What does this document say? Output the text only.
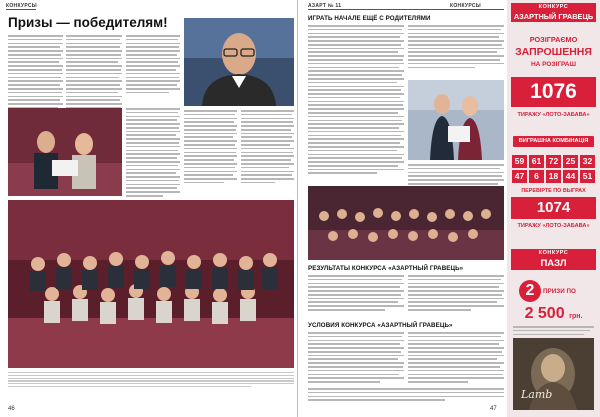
КОНКУРСЫ
Призы — победителям!
46
АЗАРТ № 11	КОНКУРСЫ
ИГРАТЬ НАЧАЛЕ ЕЩЁ С РОДИТЕЛЯМИ
РЕЗУЛЬТАТЫ КОНКУРСА «АЗАРТНЫЙ ГРАВЕЦЬ»
УСЛОВИЯ КОНКУРСА «АЗАРТНЫЙ ГРАВЕЦЬ»
47
КОНКУРС
АЗАРТНЫЙ ГРАВЕЦЬ
РОЗІГРАЄМО
ЗАПРОШЕННЯ
НА РОЗІГРАШ
1076
ТИРАЖУ «ЛОТО-ЗАБАВА»
ВИГРАШНА КОМБІНАЦІЯ
59 61 72 25 32
47	6	18 44 51
ПЕРЕВІРТЕ ПО ВЫГРАХ
1074
ТИРАЖУ «ЛОТО-ЗАБАВА»
КОНКУРС
ПАЗЛ
2	ПРИЗИ ПО
2 500 грн.
Lamb
